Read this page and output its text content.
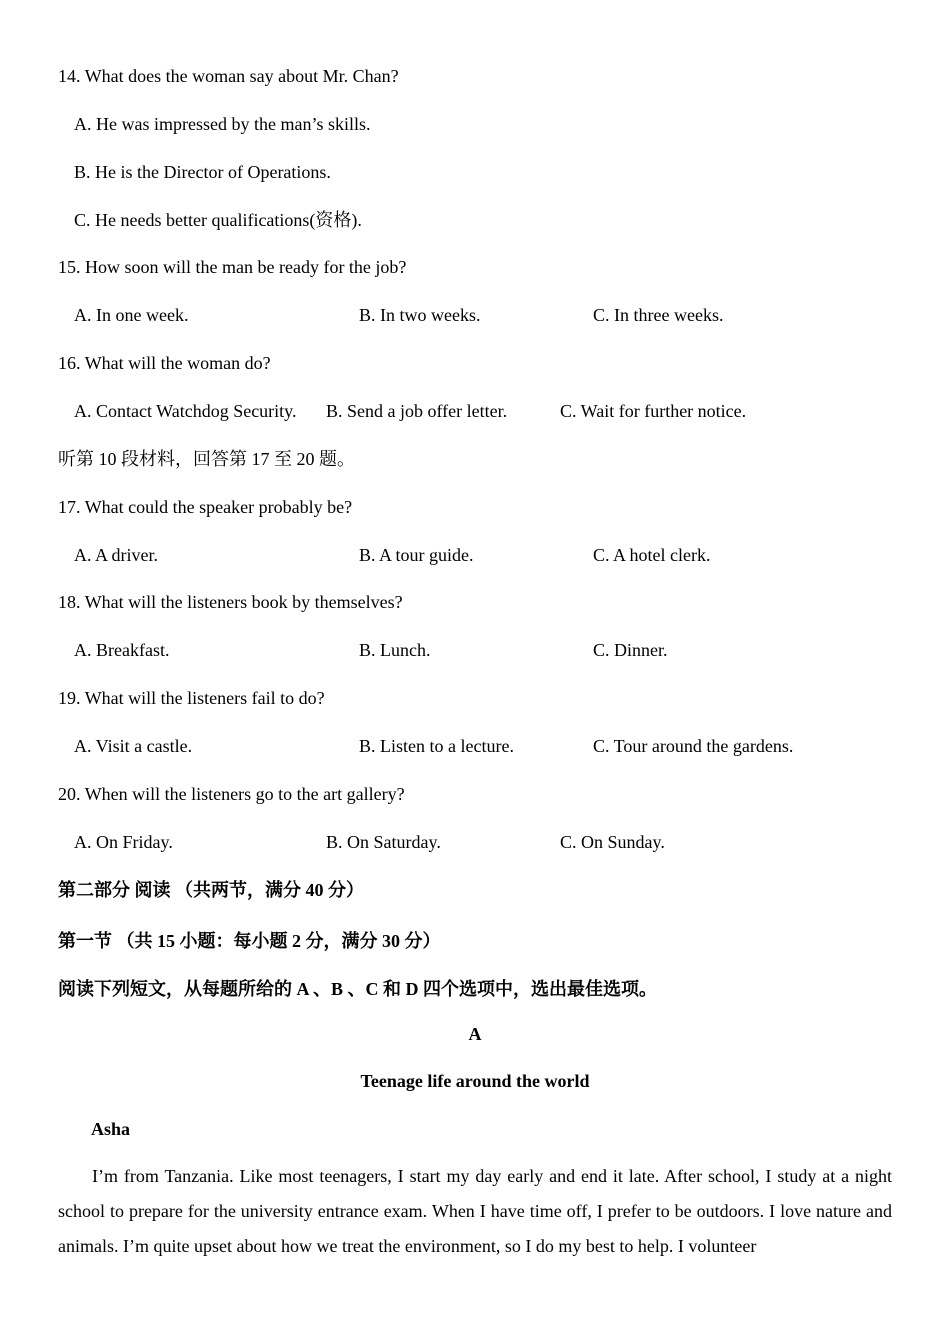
14. What does the woman say about Mr. Chan?
A. He was impressed by the man’s skills.
B. He is the Director of Operations.
C. He needs better qualifications(资格).
15. How soon will the man be ready for the job?
A. In one week.	B. In two weeks.	C. In three weeks.
16. What will the woman do?
A. Contact Watchdog Security. B. Send a job offer letter.	C. Wait for further notice.
听第 10 段材料，回答第 17 至 20 题。
17. What could the speaker probably be?
A. A driver.	B. A tour guide.	C. A hotel clerk.
18. What will the listeners book by themselves?
A. Breakfast.	B. Lunch.	C. Dinner.
19. What will the listeners fail to do?
A. Visit a castle.	B. Listen to a lecture.	C. Tour around the gardens.
20. When will the listeners go to the art gallery?
A. On Friday.	B. On Saturday.	C. On Sunday.
第二部分 阅读 （共两节，满分 40 分）
第一节 （共 15 小题：每小题 2 分，满分 30 分）
阅读下列短文，从每题所给的 A 、B 、C 和 D 四个选项中，选出最佳选项。
A
Teenage life around the world
Asha
I’m from Tanzania. Like most teenagers, I start my day early and end it late. After school, I study at a night school to prepare for the university entrance exam. When I have time off, I prefer to be outdoors. I love nature and animals. I’m quite upset about how we treat the environment, so I do my best to help. I volunteer
